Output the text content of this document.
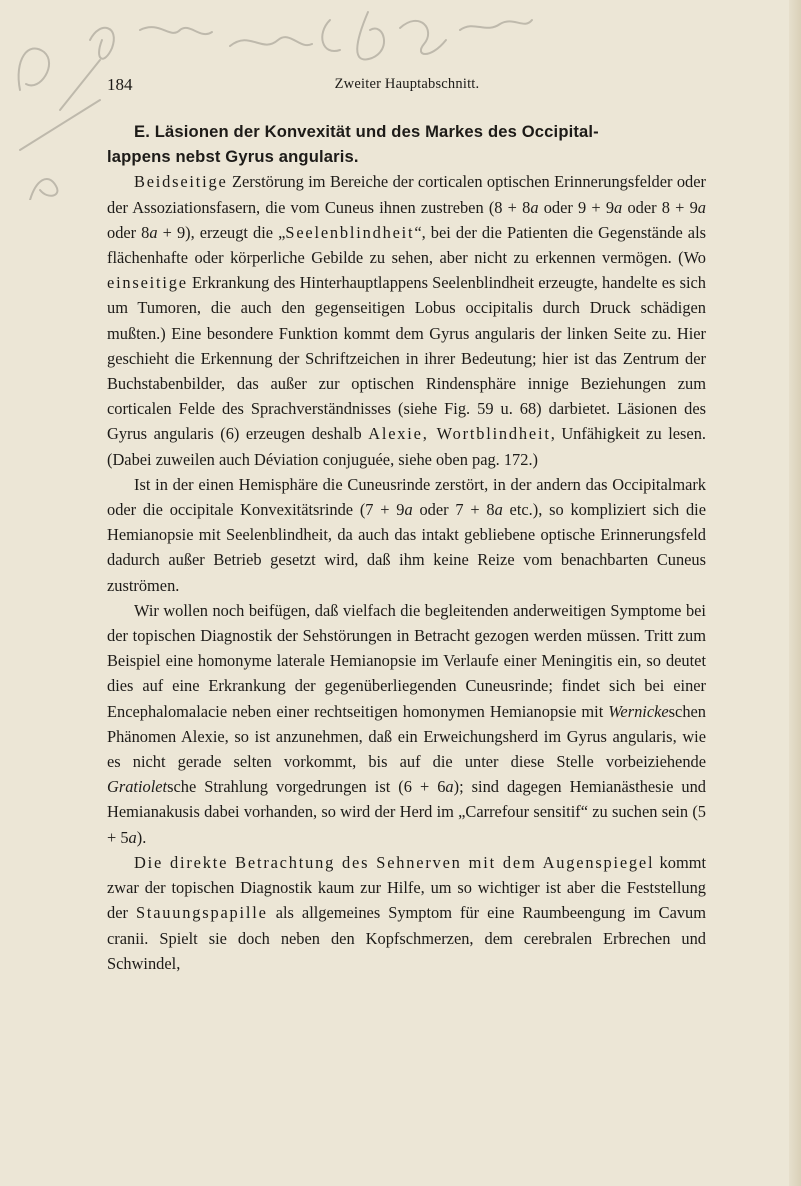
184	Zweiter Hauptabschnitt.
E. Läsionen der Konvexität und des Markes des Occipital-
lappens nebst Gyrus angularis.

Beidseitige Zerstörung im Bereiche der corticalen optischen Erinnerungsfelder oder der Assoziationsfasern, die vom Cuneus ihnen zustreben (8 + 8a oder 9 + 9a oder 8 + 9a oder 8a + 9), erzeugt die „Seelenblindheit“, bei der die Patienten die Gegenstände als flächenhafte oder körperliche Gebilde zu sehen, aber nicht zu erkennen vermögen. (Wo einseitige Erkrankung des Hinterhauptlappens Seelenblindheit erzeugte, handelte es sich um Tumoren, die auch den gegenseitigen Lobus occipitalis durch Druck schädigen mußten.) Eine besondere Funktion kommt dem Gyrus angularis der linken Seite zu. Hier geschieht die Erkennung der Schriftzeichen in ihrer Bedeutung; hier ist das Zentrum der Buchstabenbilder, das außer zur optischen Rindensphäre innige Beziehungen zum corticalen Felde des Sprachverständnisses (siehe Fig. 59 u. 68) darbietet. Läsionen des Gyrus angularis (6) erzeugen deshalb Alexie, Wortblindheit, Unfähigkeit zu lesen. (Dabei zuweilen auch Déviation conjuguée, siehe oben pag. 172.)

Ist in der einen Hemisphäre die Cuneusrinde zerstört, in der andern das Occipitalmark oder die occipitale Konvexitätsrinde (7 + 9a oder 7 + 8a etc.), so kompliziert sich die Hemianopsie mit Seelenblindheit, da auch das intakt gebliebene optische Erinnerungsfeld dadurch außer Betrieb gesetzt wird, daß ihm keine Reize vom benachbarten Cuneus zuströmen.

Wir wollen noch beifügen, daß vielfach die begleitenden anderweitigen Symptome bei der topischen Diagnostik der Sehstörungen in Betracht gezogen werden müssen. Tritt zum Beispiel eine homonyme laterale Hemianopsie im Verlaufe einer Meningitis ein, so deutet dies auf eine Erkrankung der gegenüberliegenden Cuneusrinde; findet sich bei einer Encephalomalacie neben einer rechtseitigen homonymen Hemianopsie mit Wernickeschen Phänomen Alexie, so ist anzunehmen, daß ein Erweichungsherd im Gyrus angularis, wie es nicht gerade selten vorkommt, bis auf die unter diese Stelle vorbeiziehende Gratioletsche Strahlung vorgedrungen ist (6 + 6a); sind dagegen Hemianästhesie und Hemianakusis dabei vorhanden, so wird der Herd im „Carrefour sensitif“ zu suchen sein (5 + 5a).

Die direkte Betrachtung des Sehnerven mit dem Augenspiegel kommt zwar der topischen Diagnostik kaum zur Hilfe, um so wichtiger ist aber die Feststellung der Stauungspapille als allgemeines Symptom für eine Raumbeengung im Cavum cranii. Spielt sie doch neben den Kopfschmerzen, dem cerebralen Erbrechen und Schwindel,
